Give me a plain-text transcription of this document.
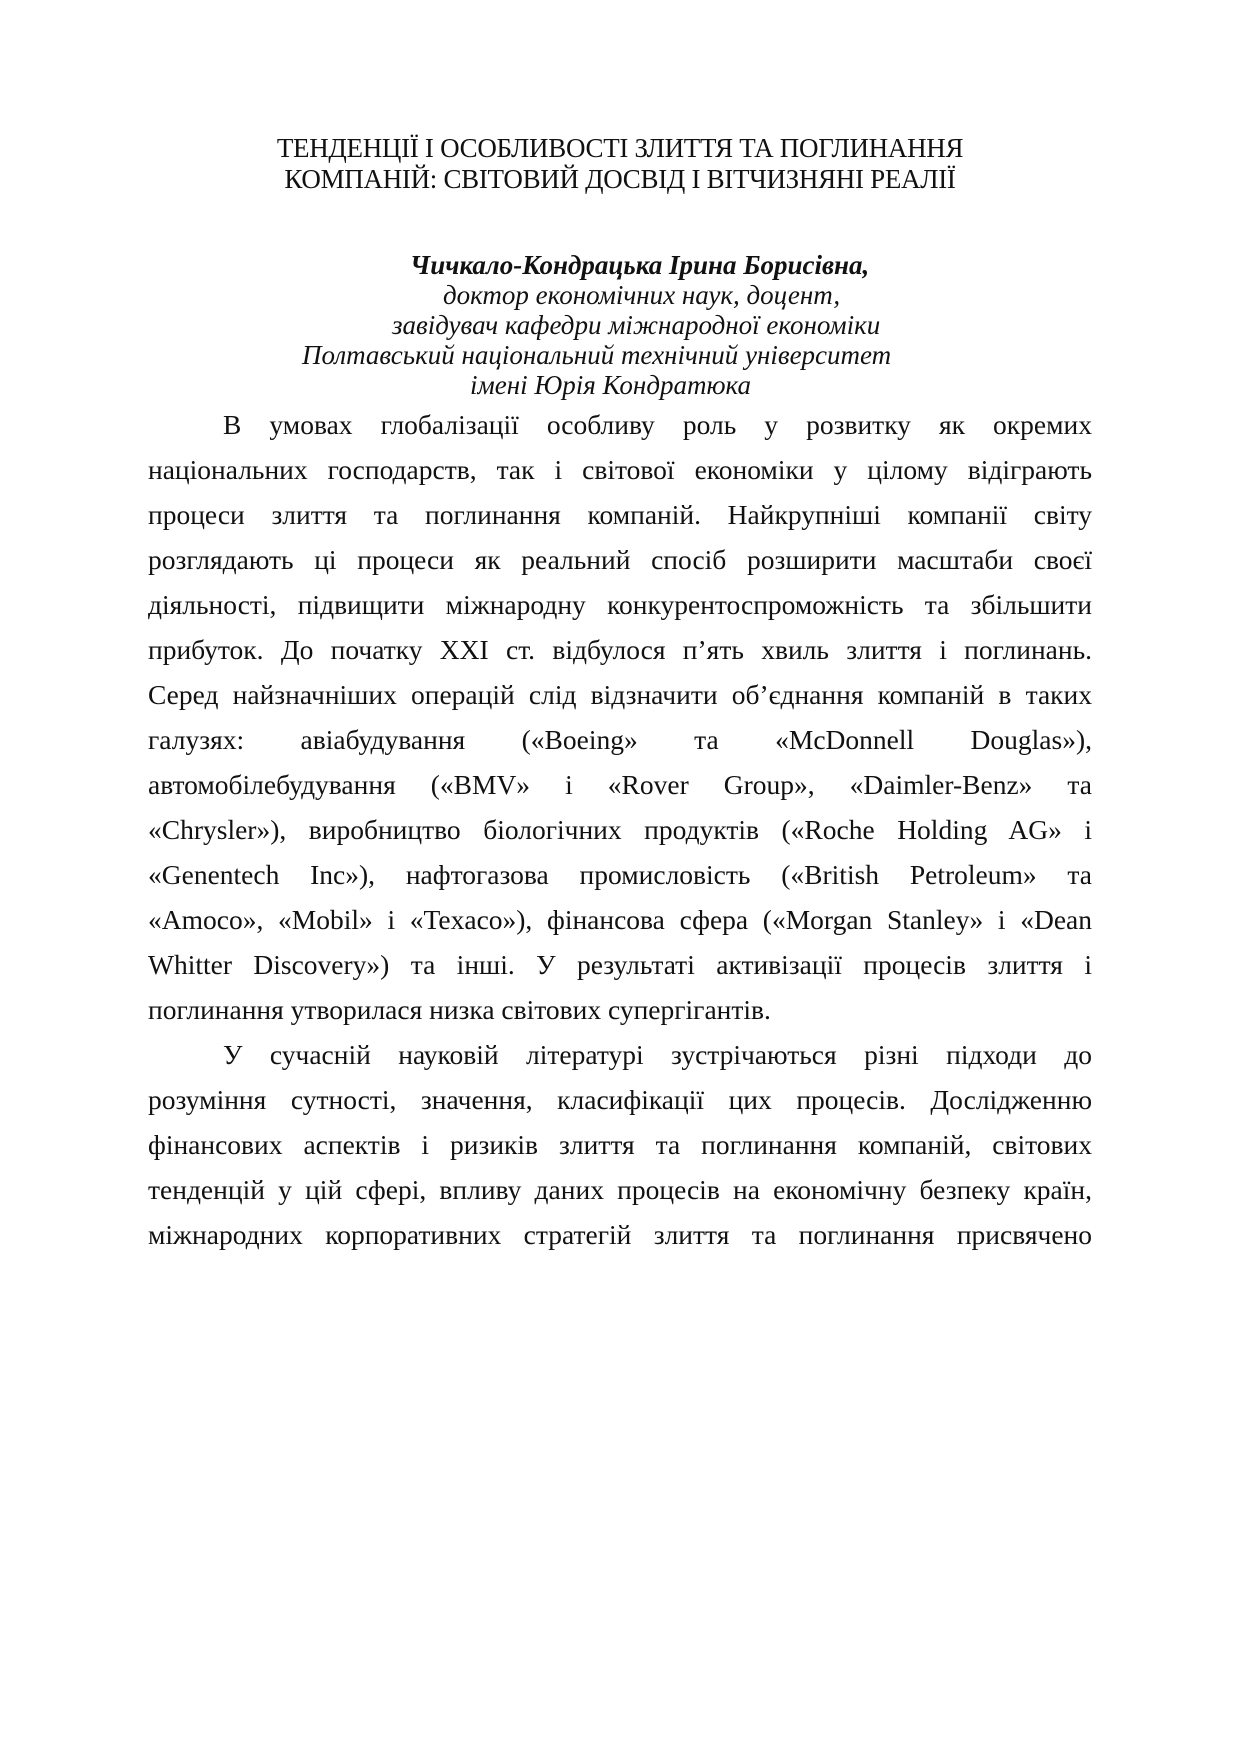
ТЕНДЕНЦІЇ І ОСОБЛИВОСТІ ЗЛИТТЯ ТА ПОГЛИНАННЯ
КОМПАНІЙ: СВІТОВИЙ ДОСВІД І ВІТЧИЗНЯНІ РЕАЛІЇ
Чичкало-Кондрацька Ірина Борисівна,
доктор економічних наук, доцент,
завідувач кафедри міжнародної економіки
Полтавський національний технічний університет
імені Юрія Кондратюка
В умовах глобалізації особливу роль у розвитку як окремих
національних господарств, так і світової економіки у цілому відіграють
процеси злиття та поглинання компаній. Найкрупніші компанії світу
розглядають ці процеси як реальний спосіб розширити масштаби своєї
діяльності, підвищити міжнародну конкурентоспроможність та збільшити
прибуток. До початку XXI ст. відбулося п’ять хвиль злиття і поглинань.
Серед найзначніших операцій слід відзначити об’єднання компаній в таких
галузях: авіабудування («Boeing» та «McDonnell Douglas»),
автомобілебудування («BMV» і «Rover Group», «Daimler-Benz» та
«Chrysler»), виробництво біологічних продуктів («Roche Holding AG» і
«Genentech Inc»), нафтогазова промисловість («British Petroleum» та
«Amoco», «Mobil» і «Texaco»), фінансова сфера («Morgan Stanley» і «Dean
Whitter Discovery») та інші. У результаті активізації процесів злиття і
поглинання утворилася низка світових супергігантів.
У сучасній науковій літературі зустрічаються різні підходи до
розуміння сутності, значення, класифікації цих процесів. Дослідженню
фінансових аспектів і ризиків злиття та поглинання компаній, світових
тенденцій у цій сфері, впливу даних процесів на економічну безпеку країн,
міжнародних корпоративних стратегій злиття та поглинання присвячено
